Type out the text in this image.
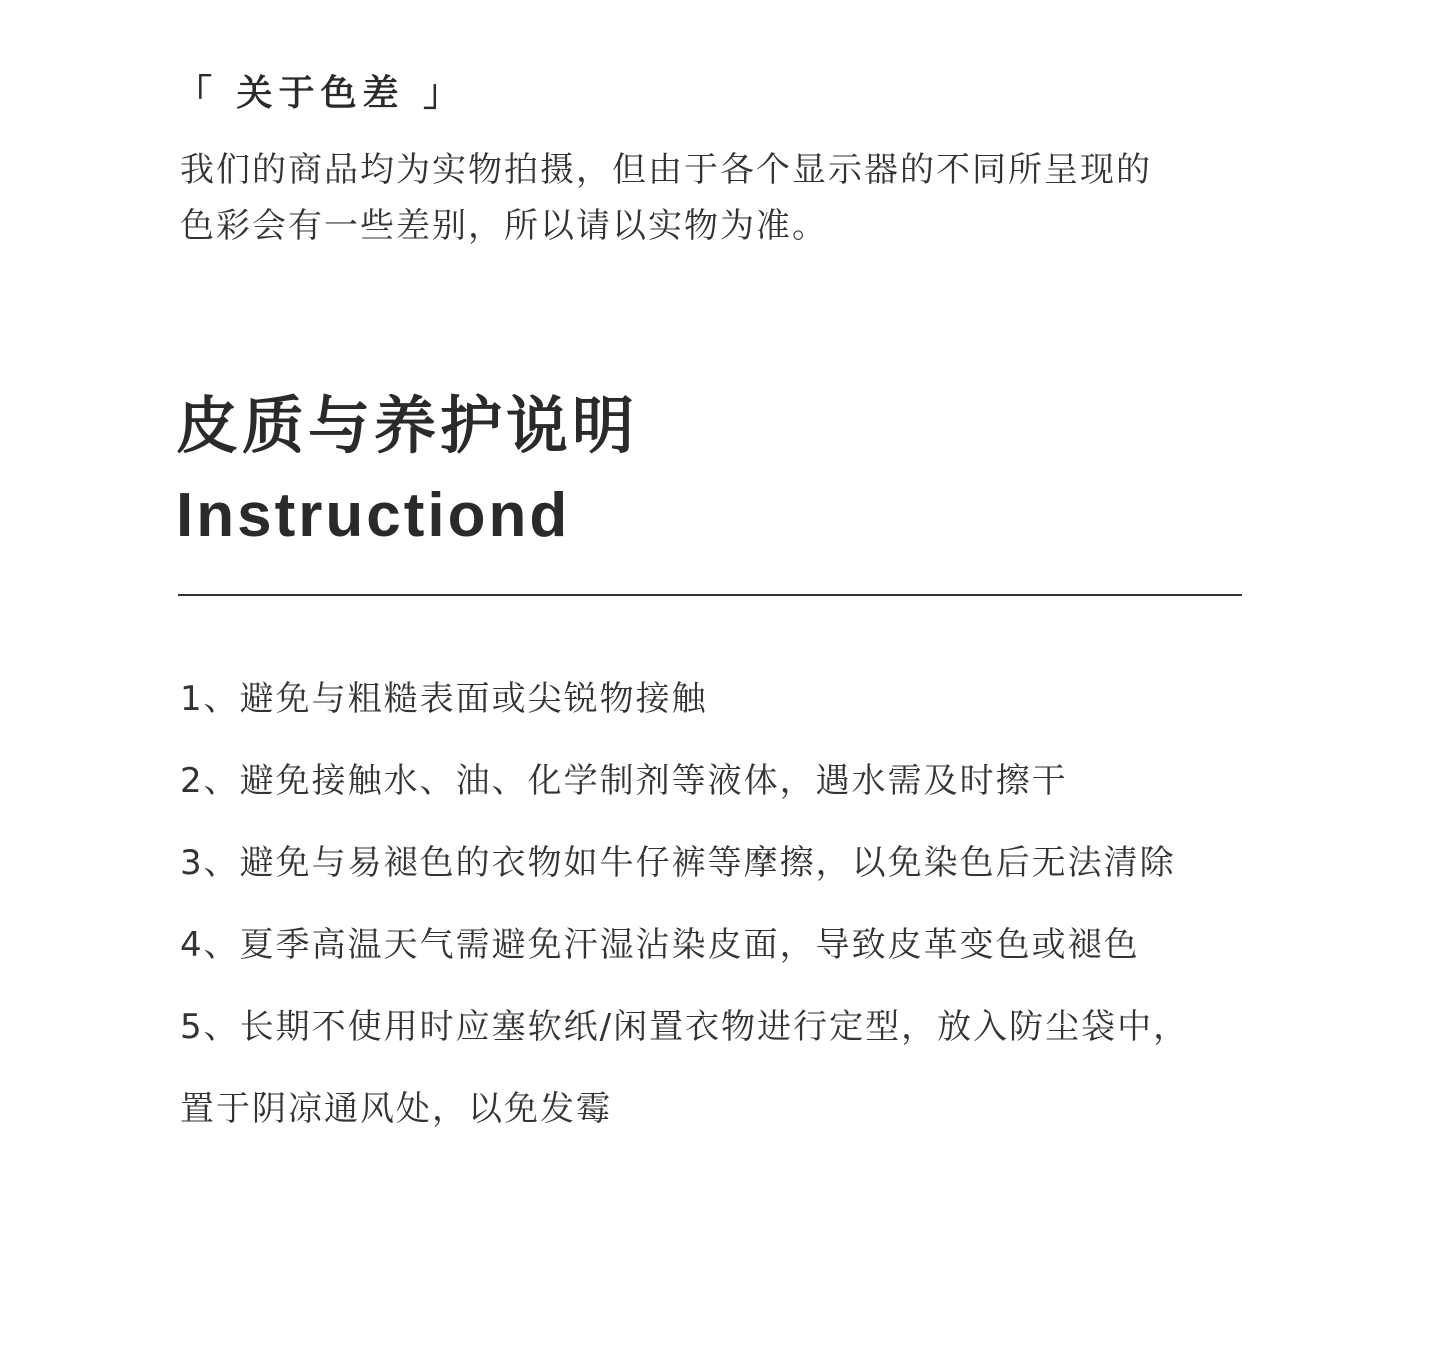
「 关于色差 」

我们的商品均为实物拍摄，但由于各个显示器的不同所呈现的

色彩会有一些差别，所以请以实物为准。

皮质与养护说明
Instructiond
1、避免与粗糙表面或尖锐物接触
2、避免接触水、油、化学制剂等液体，遇水需及时擦干
3、避免与易褪色的衣物如牛仔裤等摩擦，以免染色后无法清除
4、夏季高温天气需避免汗湿沾染皮面，导致皮革变色或褪色
5、长期不使用时应塞软纸/闲置衣物进行定型，放入防尘袋中，
置于阴凉通风处，以免发霉
